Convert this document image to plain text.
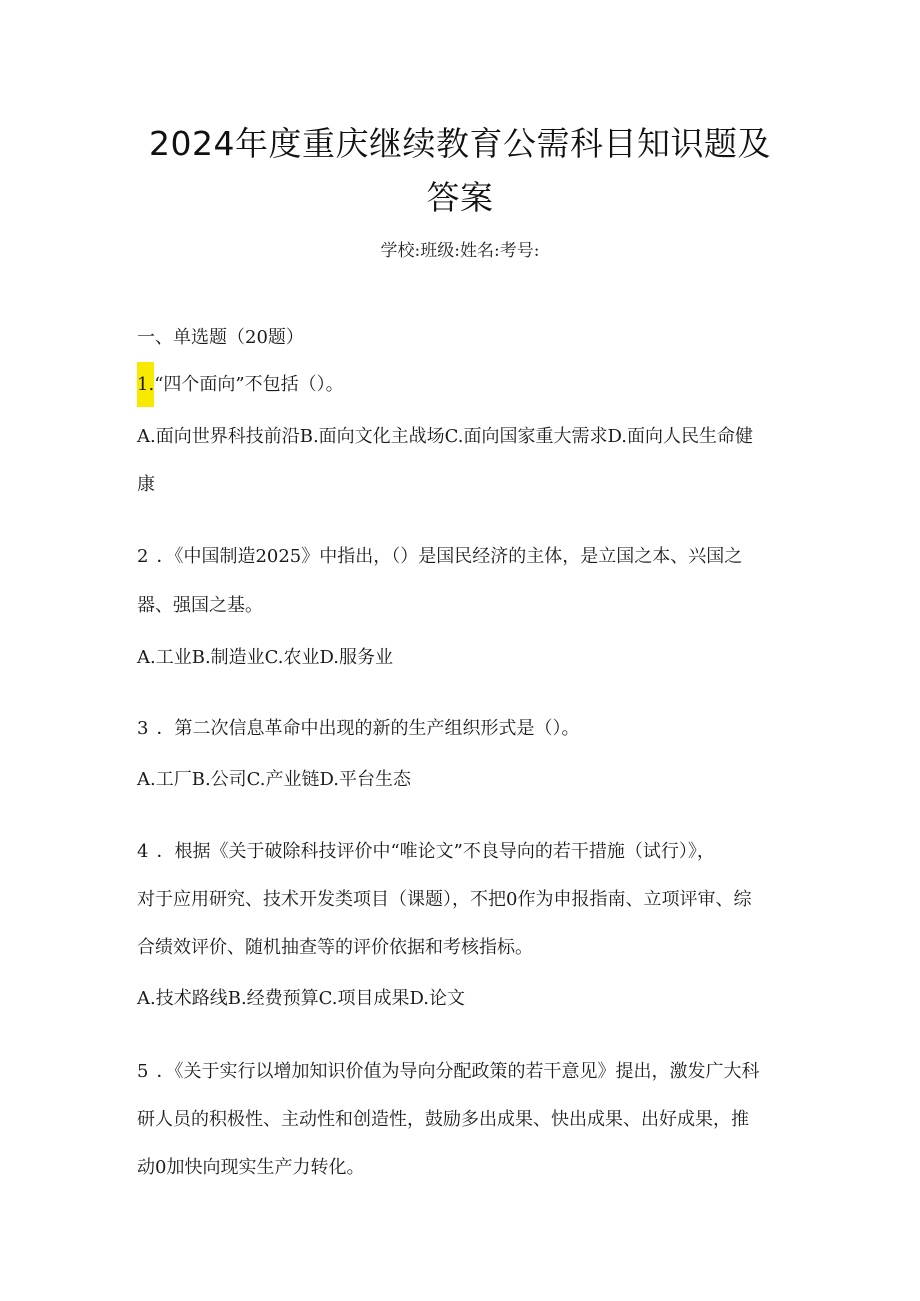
2024年度重庆继续教育公需科目知识题及
答案
学校:班级:姓名:考号:
一、单选题（20题）
1.“四个面向”不包括（）。
A.面向世界科技前沿B.面向文化主战场C.面向国家重大需求D.面向人民生命健
康
2 ．《中国制造2025》中指出，（）是国民经济的主体，是立国之本、兴国之
器、强国之基。
A.工业B.制造业C.农业D.服务业
3 ．第二次信息革命中出现的新的生产组织形式是（）。
A.工厂B.公司C.产业链D.平台生态
4 ．根据《关于破除科技评价中“唯论文”不良导向的若干措施（试行）》，
对于应用研究、技术开发类项目（课题），不把0作为申报指南、立项评审、综
合绩效评价、随机抽查等的评价依据和考核指标。
A.技术路线B.经费预算C.项目成果D.论文
5 ．《关于实行以增加知识价值为导向分配政策的若干意见》提出，激发广大科
研人员的积极性、主动性和创造性，鼓励多出成果、快出成果、出好成果，推
动0加快向现实生产力转化。
